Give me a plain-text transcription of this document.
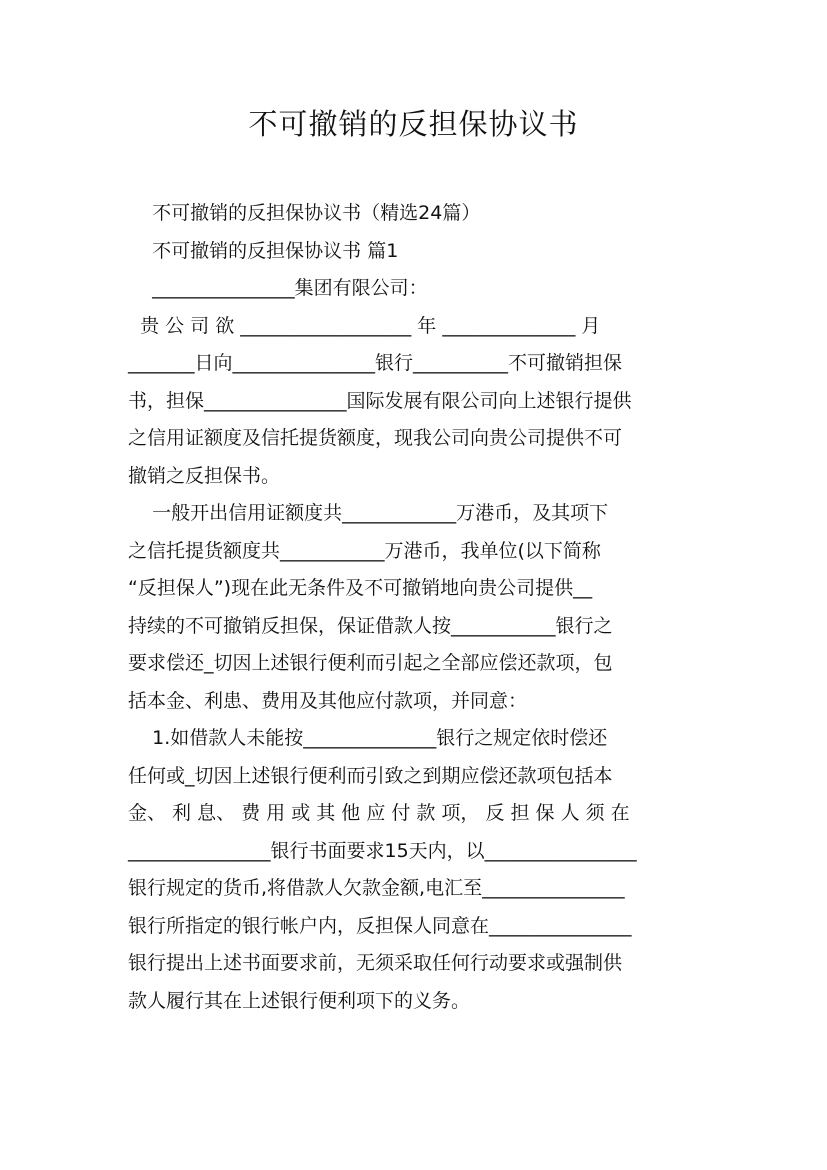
不可撤销的反担保协议书
不可撤销的反担保协议书（精选24篇）
不可撤销的反担保协议书 篇1
_______________集团有限公司：
贵 公 司 欲 __________________ 年 ______________ 月
_______日向_______________银行__________不可撤销担保
书，担保_______________国际发展有限公司向上述银行提供
之信用证额度及信托提货额度，现我公司向贵公司提供不可
撤销之反担保书。
一般开出信用证额度共____________万港币，及其项下
之信托提货额度共___________万港币，我单位(以下简称
“反担保人”)现在此无条件及不可撤销地向贵公司提供__
持续的不可撤销反担保，保证借款人按___________银行之
要求偿还_切因上述银行便利而引起之全部应偿还款项，包
括本金、利患、费用及其他应付款项，并同意：
1.如借款人未能按______________银行之规定依时偿还
任何或_切因上述银行便利而引致之到期应偿还款项包括本
金、 利 息、 费 用 或 其 他 应 付 款 项， 反 担 保 人 须 在
_______________银行书面要求15天内，以________________
银行规定的货币,将借款人欠款金额,电汇至_______________
银行所指定的银行帐户内，反担保人同意在_______________
银行提出上述书面要求前，无须采取任何行动要求或强制供
款人履行其在上述银行便利项下的义务。
